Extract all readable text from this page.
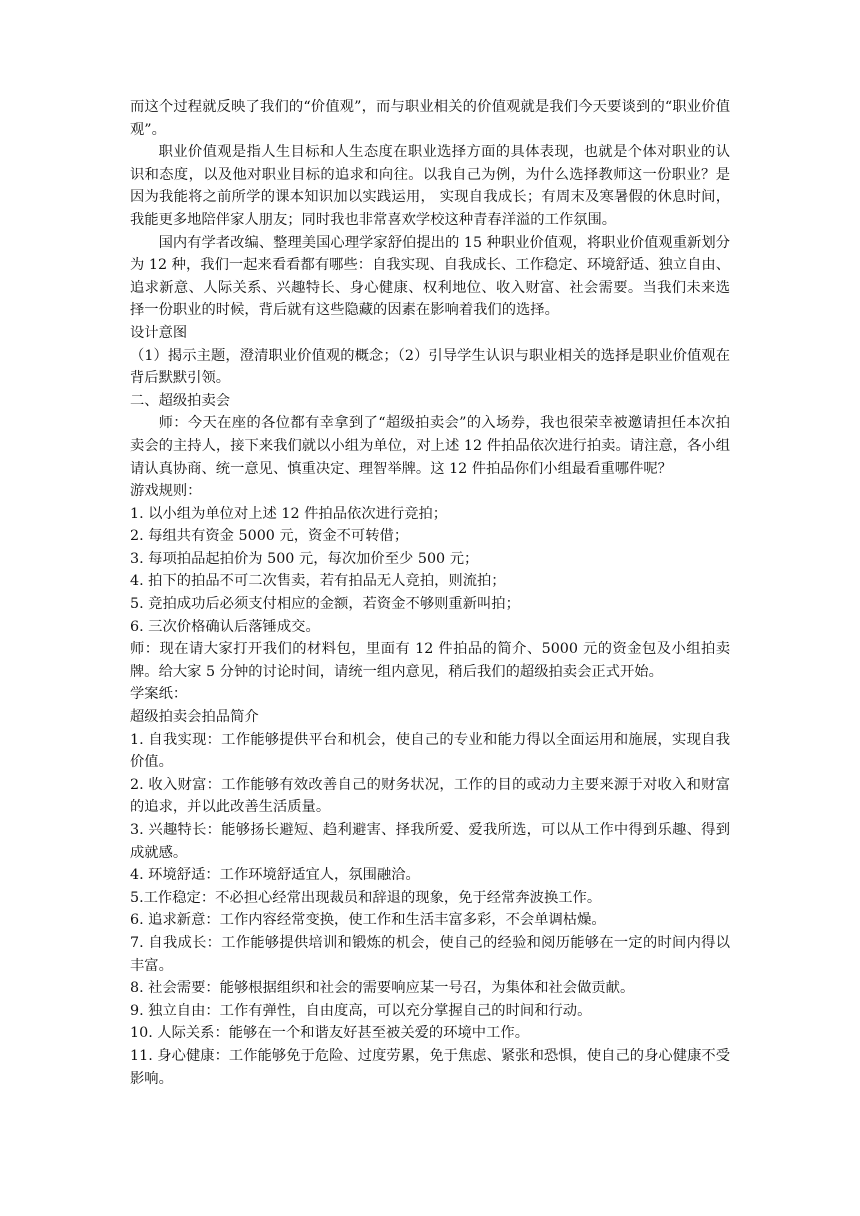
而这个过程就反映了我们的“价值观”，而与职业相关的价值观就是我们今天要谈到的“职业价值观”。

职业价值观是指人生目标和人生态度在职业选择方面的具体表现，也就是个体对职业的认识和态度，以及他对职业目标的追求和向往。以我自己为例，为什么选择教师这一份职业？是因为我能将之前所学的课本知识加以实践运用， 实现自我成长；有周末及寒暑假的休息时间，我能更多地陪伴家人朋友；同时我也非常喜欢学校这种青春洋溢的工作氛围。

国内有学者改编、整理美国心理学家舒伯提出的 15 种职业价值观，将职业价值观重新划分为 12 种，我们一起来看看都有哪些：自我实现、自我成长、工作稳定、环境舒适、独立自由、追求新意、人际关系、兴趣特长、身心健康、权利地位、收入财富、社会需要。当我们未来选择一份职业的时候，背后就有这些隐藏的因素在影响着我们的选择。

设计意图

（1）揭示主题，澄清职业价值观的概念；（2）引导学生认识与职业相关的选择是职业价值观在背后默默引领。

二、超级拍卖会

师：今天在座的各位都有幸拿到了“超级拍卖会”的入场券，我也很荣幸被邀请担任本次拍卖会的主持人，接下来我们就以小组为单位，对上述 12 件拍品依次进行拍卖。请注意，各小组请认真协商、统一意见、慎重决定、理智举牌。这 12 件拍品你们小组最看重哪件呢？

游戏规则：

1. 以小组为单位对上述 12 件拍品依次进行竞拍；

2. 每组共有资金 5000 元，资金不可转借；

3. 每项拍品起拍价为 500 元，每次加价至少 500 元；

4. 拍下的拍品不可二次售卖，若有拍品无人竞拍，则流拍；

5. 竞拍成功后必须支付相应的金额，若资金不够则重新叫拍；

6. 三次价格确认后落锤成交。

师：现在请大家打开我们的材料包，里面有 12 件拍品的简介、5000 元的资金包及小组拍卖牌。给大家 5 分钟的讨论时间，请统一组内意见，稍后我们的超级拍卖会正式开始。

学案纸：

超级拍卖会拍品简介

1. 自我实现：工作能够提供平台和机会，使自己的专业和能力得以全面运用和施展，实现自我价值。

2. 收入财富：工作能够有效改善自己的财务状况，工作的目的或动力主要来源于对收入和财富的追求，并以此改善生活质量。

3. 兴趣特长：能够扬长避短、趋利避害、择我所爱、爱我所选，可以从工作中得到乐趣、得到成就感。

4. 环境舒适：工作环境舒适宜人，氛围融洽。

5.工作稳定：不必担心经常出现裁员和辞退的现象，免于经常奔波换工作。

6. 追求新意：工作内容经常变换，使工作和生活丰富多彩，不会单调枯燥。

7. 自我成长：工作能够提供培训和锻炼的机会，使自己的经验和阅历能够在一定的时间内得以丰富。

8. 社会需要：能够根据组织和社会的需要响应某一号召，为集体和社会做贡献。

9. 独立自由：工作有弹性，自由度高，可以充分掌握自己的时间和行动。

10. 人际关系：能够在一个和谐友好甚至被关爱的环境中工作。

11. 身心健康：工作能够免于危险、过度劳累，免于焦虑、紧张和恐惧，使自己的身心健康不受影响。
